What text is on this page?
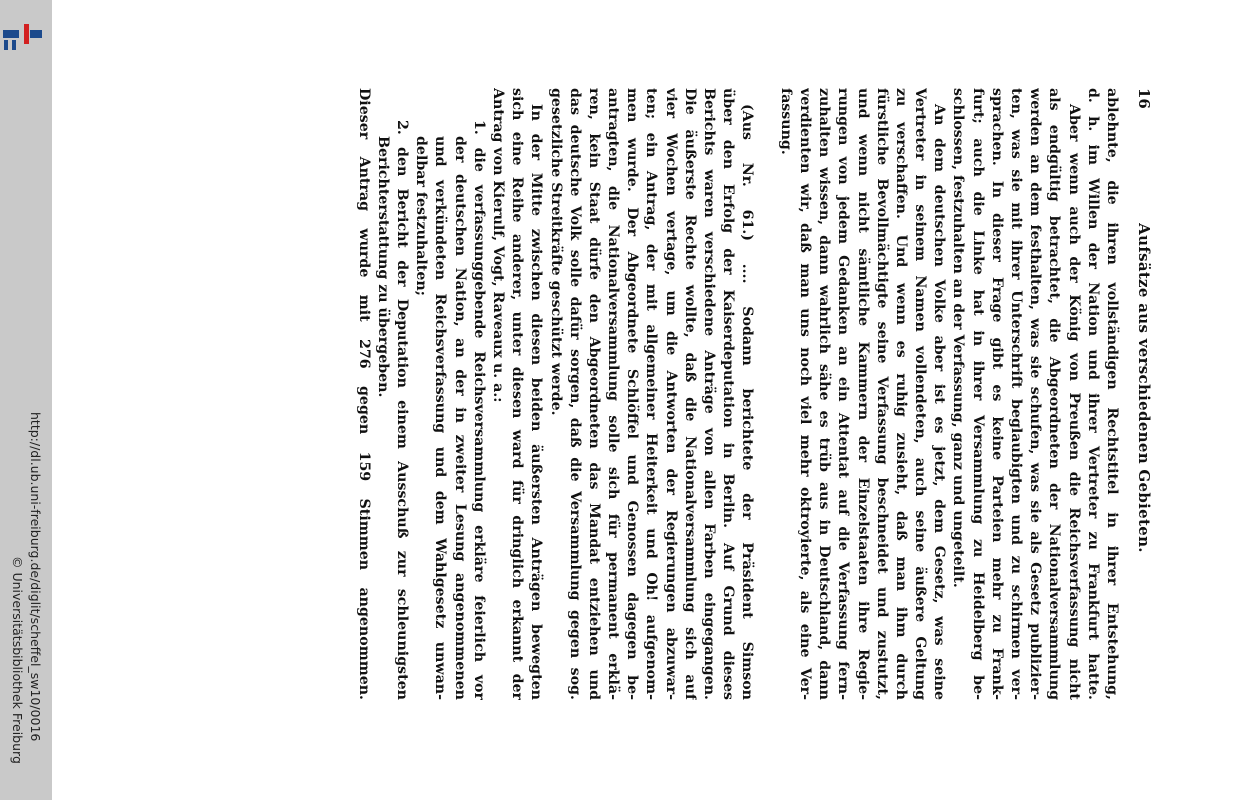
http://dl.ub.uni-freiburg.de/diglit/scheffel_sw10/0016
© Universitätsbibliothek Freiburg
16
Aufsätze aus verschiedenen Gebieten.
ablehnte, die ihren vollständigen Rechtstitel in ihrer Entstehung,
d. h. im Willen der Nation und ihrer Vertreter zu Frankfurt hatte.
Aber wenn auch der König von Preußen die Reichsverfassung nicht
als endgültig betrachtet, die Abgeordneten der Nationalversammlung
werden an dem festhalten, was sie schufen, was sie als Gesetz publizier-
ten, was sie mit ihrer Unterschrift beglaubigten und zu schirmen ver-
sprachen. In dieser Frage gibt es keine Parteien mehr zu Frank-
furt; auch die Linke hat in ihrer Versammlung zu Heidelberg be-
schlossen, festzuhalten an der Verfassung, ganz und ungeteilt.
An dem deutschen Volke aber ist es jetzt, dem Gesetz, was seine
Vertreter in seinem Namen vollendeten, auch seine äußere Geltung
zu verschaffen. Und wenn es ruhig zusieht, daß man ihm durch
fürstliche Bevollmächtigte seine Verfassung beschneidet und zustutzt,
und wenn nicht sämtliche Kammern der Einzelstaaten ihre Regie-
rungen von jedem Gedanken an ein Attentat auf die Verfassung fern-
zuhalten wissen, dann wahrlich sähe es trüb aus in Deutschland, dann
verdienten wir, daß man uns noch viel mehr oktroyierte, als eine Ver-
fassung.
(Aus Nr. 61.) .... Sodann berichtete der Präsident Simson
über den Erfolg der Kaiserdeputation in Berlin. Auf Grund dieses
Berichts waren verschiedene Anträge von allen Farben eingegangen.
Die äußerste Rechte wollte, daß die Nationalversammlung sich auf
vier Wochen vertage, um die Antworten der Regierungen abzuwar-
ten; ein Antrag, der mit allgemeiner Heiterkeit und Oh! aufgenom-
men wurde. Der Abgeordnete Schlöffel und Genossen dagegen be-
antragten, die Nationalversammlung solle sich für permanent erklä-
ren, kein Staat dürfe den Abgeordneten das Mandat entziehen und
das deutsche Volk solle dafür sorgen, daß die Versammlung gegen sog.
gesetzliche Streitkräfte geschützt werde.
In der Mitte zwischen diesen beiden äußersten Anträgen bewegten
sich eine Reihe anderer, unter diesen ward für dringlich erkannt der
Antrag von Kierulf, Vogt, Raveaux u. a.:
1. die verfassunggebende Reichsversammlung erkläre feierlich vor
der deutschen Nation, an der in zweiter Lesung angenommenen
und verkündeten Reichsverfassung und dem Wahlgesetz unwan-
delbar festzuhalten;
2. den Bericht der Deputation einem Ausschuß zur schleunigsten
Berichterstattung zu übergeben.
Dieser Antrag wurde mit 276 gegen 159 Stimmen angenommen.
